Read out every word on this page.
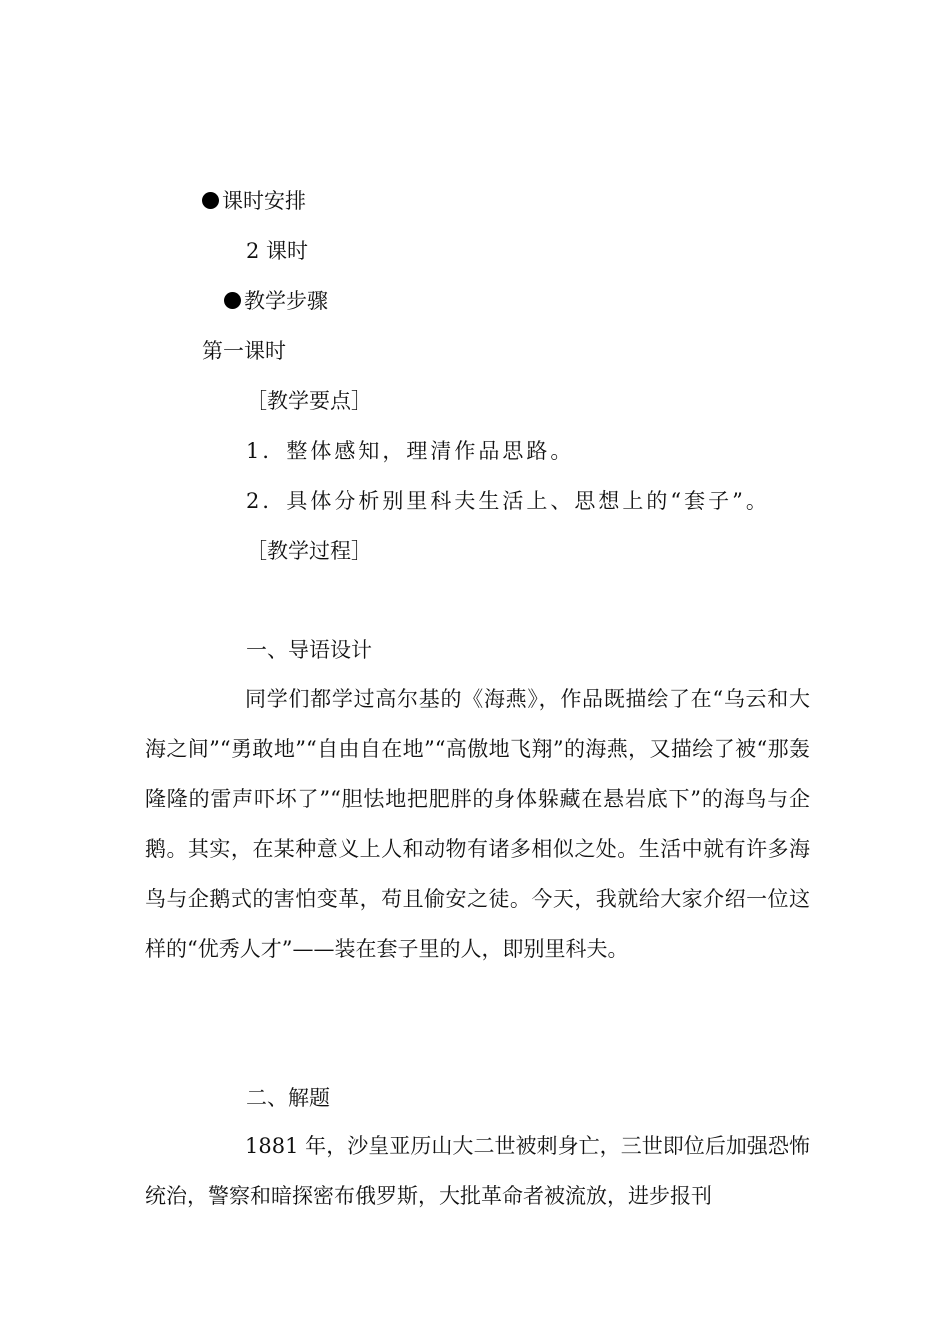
课时安排
2 课时
教学步骤
第一课时
［教学要点］
1．整体感知，理清作品思路。
2．具体分析别里科夫生活上、思想上的“套子”。
［教学过程］
一、导语设计

同学们都学过高尔基的《海燕》，作品既描绘了在“乌云和大海之间”“勇敢地”“自由自在地”“高傲地飞翔”的海燕，又描绘了被“那轰隆隆的雷声吓坏了”“胆怯地把肥胖的身体躲藏在悬岩底下”的海鸟与企鹅。其实，在某种意义上人和动物有诸多相似之处。生活中就有许多海鸟与企鹅式的害怕变革，苟且偷安之徒。今天，我就给大家介绍一位这样的“优秀人才”——装在套子里的人，即别里科夫。

二、解题

1881 年，沙皇亚历山大二世被刺身亡，三世即位后加强恐怖统治，警察和暗探密布俄罗斯，大批革命者被流放，进步报刊
